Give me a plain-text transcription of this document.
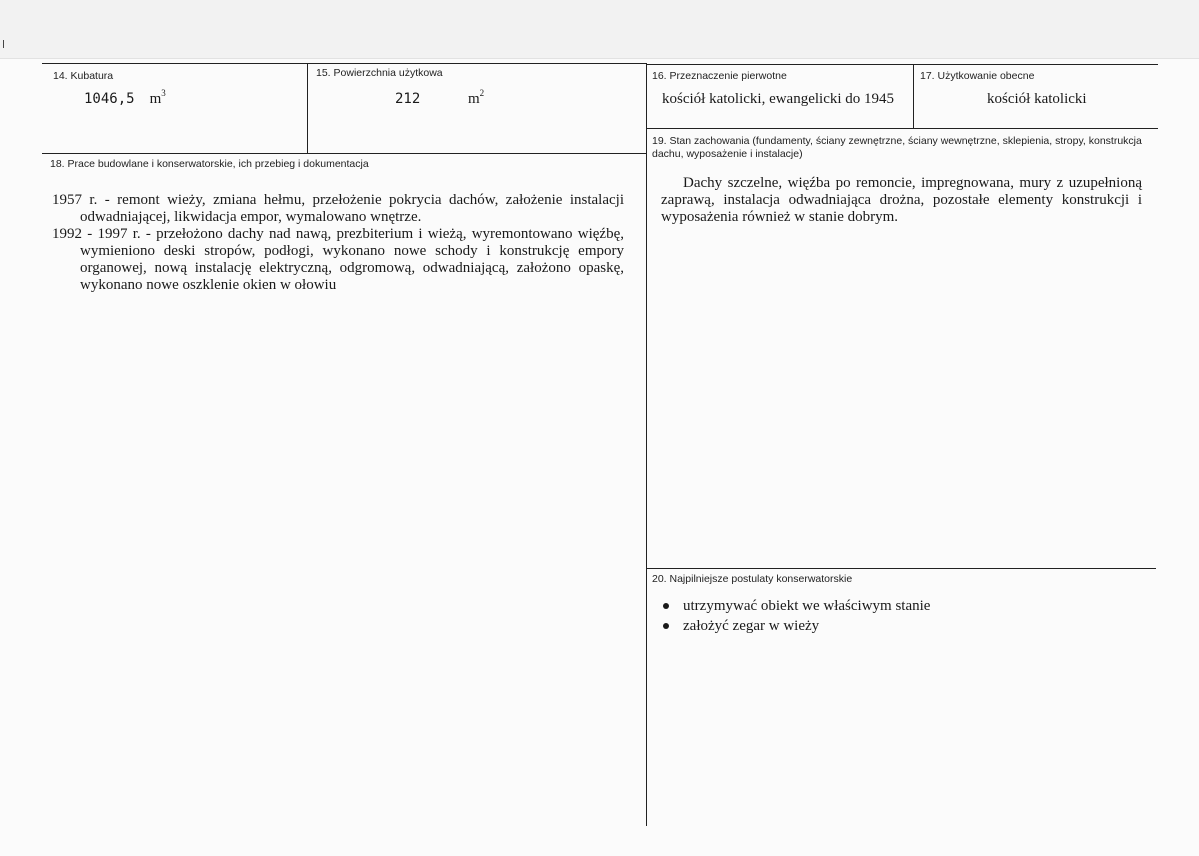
14. Kubatura
1046,5 $m^3$
15. Powierzchnia użytkowa
212	$m^2$
16. Przeznaczenie pierwotne
kościół katolicki, ewangelicki do 1945
17. Użytkowanie obecne
kościół katolicki
18. Prace budowlane i konserwatorskie, ich przebieg i dokumentacja

1957 r. - remont wieży, zmiana hełmu, przełożenie pokrycia dachów, założenie instalacji odwadniającej, likwidacja empor, wymalowano wnętrze.

1992 - 1997 r. - przełożono dachy nad nawą, prezbiterium i wieżą, wyremontowano więźbę, wymieniono deski stropów, podłogi, wykonano nowe schody i konstrukcję empory organowej, nową instalację elektryczną, odgromową, odwadniającą, założono opaskę, wykonano nowe oszklenie okien w ołowiu

19. Stan zachowania (fundamenty, ściany zewnętrzne, ściany wewnętrzne, sklepienia, stropy, konstrukcja dachu, wyposażenie i instalacje)
Dachy szczelne, więźba po remoncie, impregnowana, mury z uzupełnioną zaprawą, instalacja odwadniająca drożna, pozostałe elementy konstrukcji i wyposażenia również w stanie dobrym.
20. Najpilniejsze postulaty konserwatorskie
utrzymywać obiekt we właściwym stanie
założyć zegar w wieży
